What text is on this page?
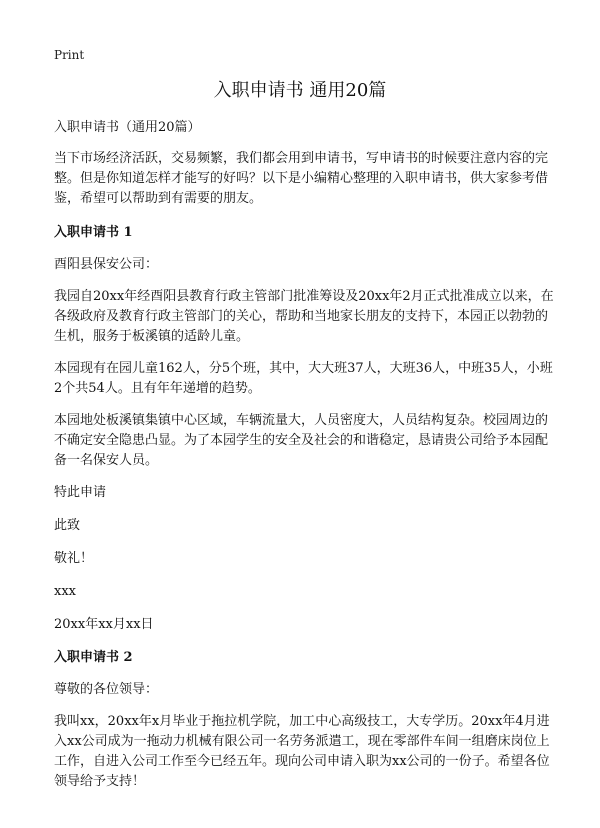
Print
入职申请书 通用20篇

入职申请书（通用20篇）

当下市场经济活跃，交易频繁，我们都会用到申请书，写申请书的时候要注意内容的完整。但是你知道怎样才能写的好吗？以下是小编精心整理的入职申请书，供大家参考借鉴，希望可以帮助到有需要的朋友。

入职申请书 1

酉阳县保安公司：

我园自20xx年经酉阳县教育行政主管部门批准筹设及20xx年2月正式批准成立以来，在各级政府及教育行政主管部门的关心，帮助和当地家长朋友的支持下，本园正以勃勃的生机，服务于板溪镇的适龄儿童。

本园现有在园儿童162人，分5个班，其中，大大班37人，大班36人，中班35人，小班2个共54人。且有年年递增的趋势。

本园地处板溪镇集镇中心区域，车辆流量大，人员密度大，人员结构复杂。校园周边的不确定安全隐患凸显。为了本园学生的安全及社会的和谐稳定，恳请贵公司给予本园配备一名保安人员。

特此申请

此致

敬礼！

xxx

20xx年xx月xx日

入职申请书 2

尊敬的各位领导：

我叫xx，20xx年x月毕业于拖拉机学院，加工中心高级技工，大专学历。20xx年4月进入xx公司成为一拖动力机械有限公司一名劳务派遣工，现在零部件车间一组磨床岗位上工作，自进入公司工作至今已经五年。现向公司申请入职为xx公司的一份子。希望各位领导给予支持！
